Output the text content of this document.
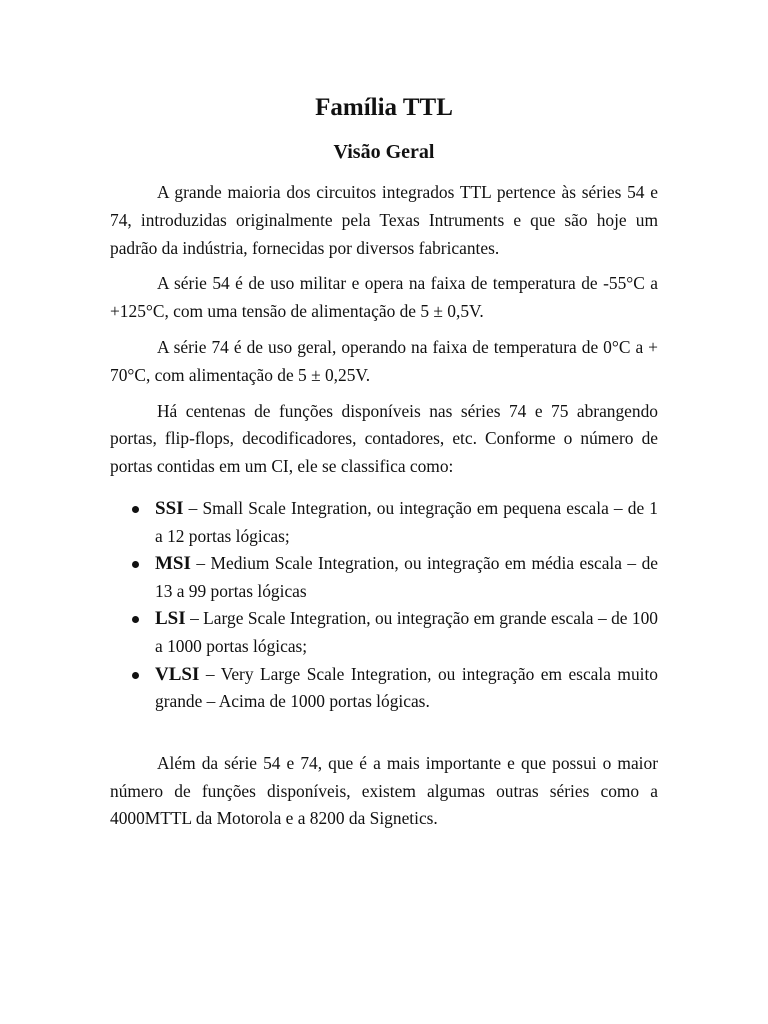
Família TTL
Visão Geral

A grande maioria dos circuitos integrados TTL pertence às séries 54 e 74, introduzidas originalmente pela Texas Intruments e que são hoje um padrão da indústria, fornecidas por diversos fabricantes.

A série 54 é de uso militar e opera na faixa de temperatura de -55°C a +125°C, com uma tensão de alimentação de 5 ± 0,5V.

A série 74 é de uso geral, operando na faixa de temperatura de 0°C a + 70°C, com alimentação de 5 ± 0,25V.

Há centenas de funções disponíveis nas séries 74 e 75 abrangendo portas, flip-flops, decodificadores, contadores, etc. Conforme o número de portas contidas em um CI, ele se classifica como:

SSI – Small Scale Integration, ou integração em pequena escala – de 1 a 12 portas lógicas;
MSI – Medium Scale Integration, ou integração em média escala – de 13 a 99 portas lógicas
LSI – Large Scale Integration, ou integração em grande escala – de 100 a 1000 portas lógicas;
VLSI – Very Large Scale Integration, ou integração em escala muito grande – Acima de 1000 portas lógicas.

Além da série 54 e 74, que é a mais importante e que possui o maior número de funções disponíveis, existem algumas outras séries como a 4000MTTL da Motorola e a 8200 da Signetics.
